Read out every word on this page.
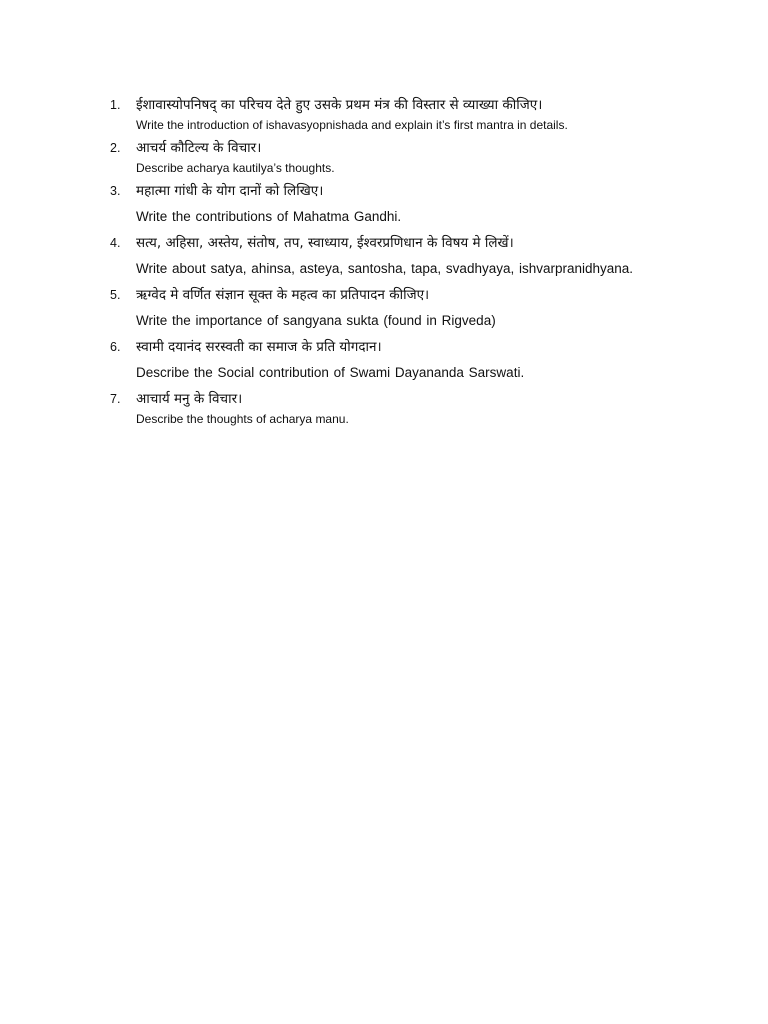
1. ईशावास्योपनिषद् का परिचय देते हुए उसके प्रथम मंत्र की विस्तार से व्याख्या कीजिए।
Write the introduction of ishavasyopnishada and explain it’s first mantra in details.
2. आचर्य कौटिल्य के विचार।
Describe acharya kautilya’s thoughts.
3. महात्मा गांधी के योग दानों को लिखिए।
Write the contributions of Mahatma Gandhi.
4. सत्य, अहिसा, अस्तेय, संतोष, तप, स्वाध्याय, ईश्वरप्रणिधान के विषय मे लिखें।
Write about satya, ahinsa, asteya, santosha, tapa, svadhyaya, ishvarpranidhyana.
5. ऋग्वेद मे वर्णित संज्ञान सूक्त के महत्व का प्रतिपादन कीजिए।
Write the importance of sangyana sukta (found in Rigveda)
6. स्वामी दयानंद सरस्वती का समाज के प्रति योगदान।
Describe the Social contribution of Swami Dayananda Sarswati.
7. आचार्य मनु के विचार।
Describe the thoughts of acharya manu.
